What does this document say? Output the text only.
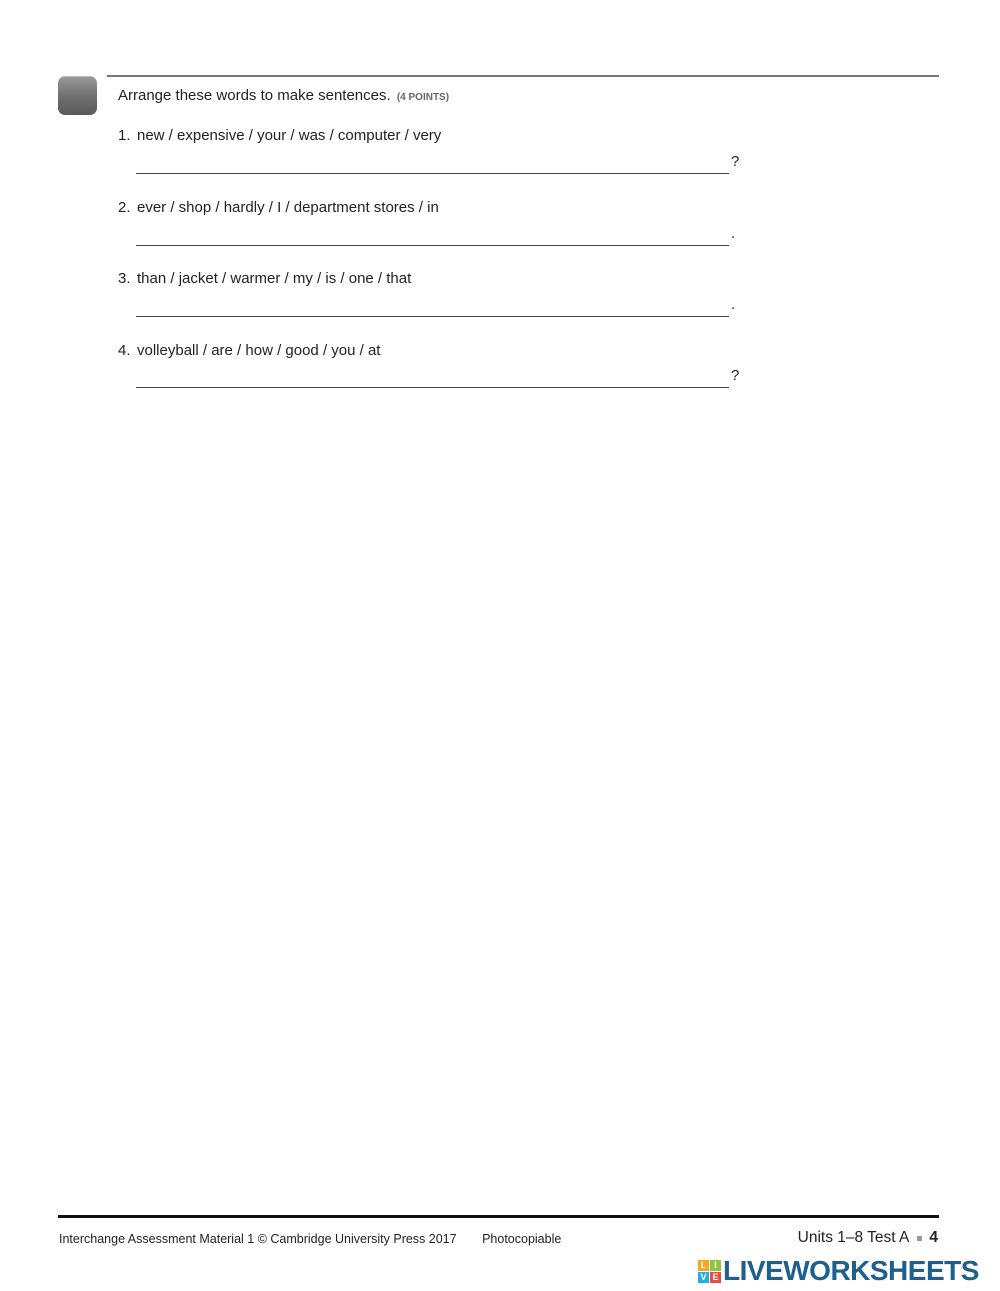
Arrange these words to make sentences. (4 POINTS)
1. new / expensive / your / was / computer / very
?
2. ever / shop / hardly / I / department stores / in
.
3. than / jacket / warmer / my / is / one / that
.
4. volleyball / are / how / good / you / at
?
Interchange Assessment Material 1 © Cambridge University Press 2017 Photocopiable	Units 1–8 Test A 4
L I
V E LIVEWORKSHEETS
